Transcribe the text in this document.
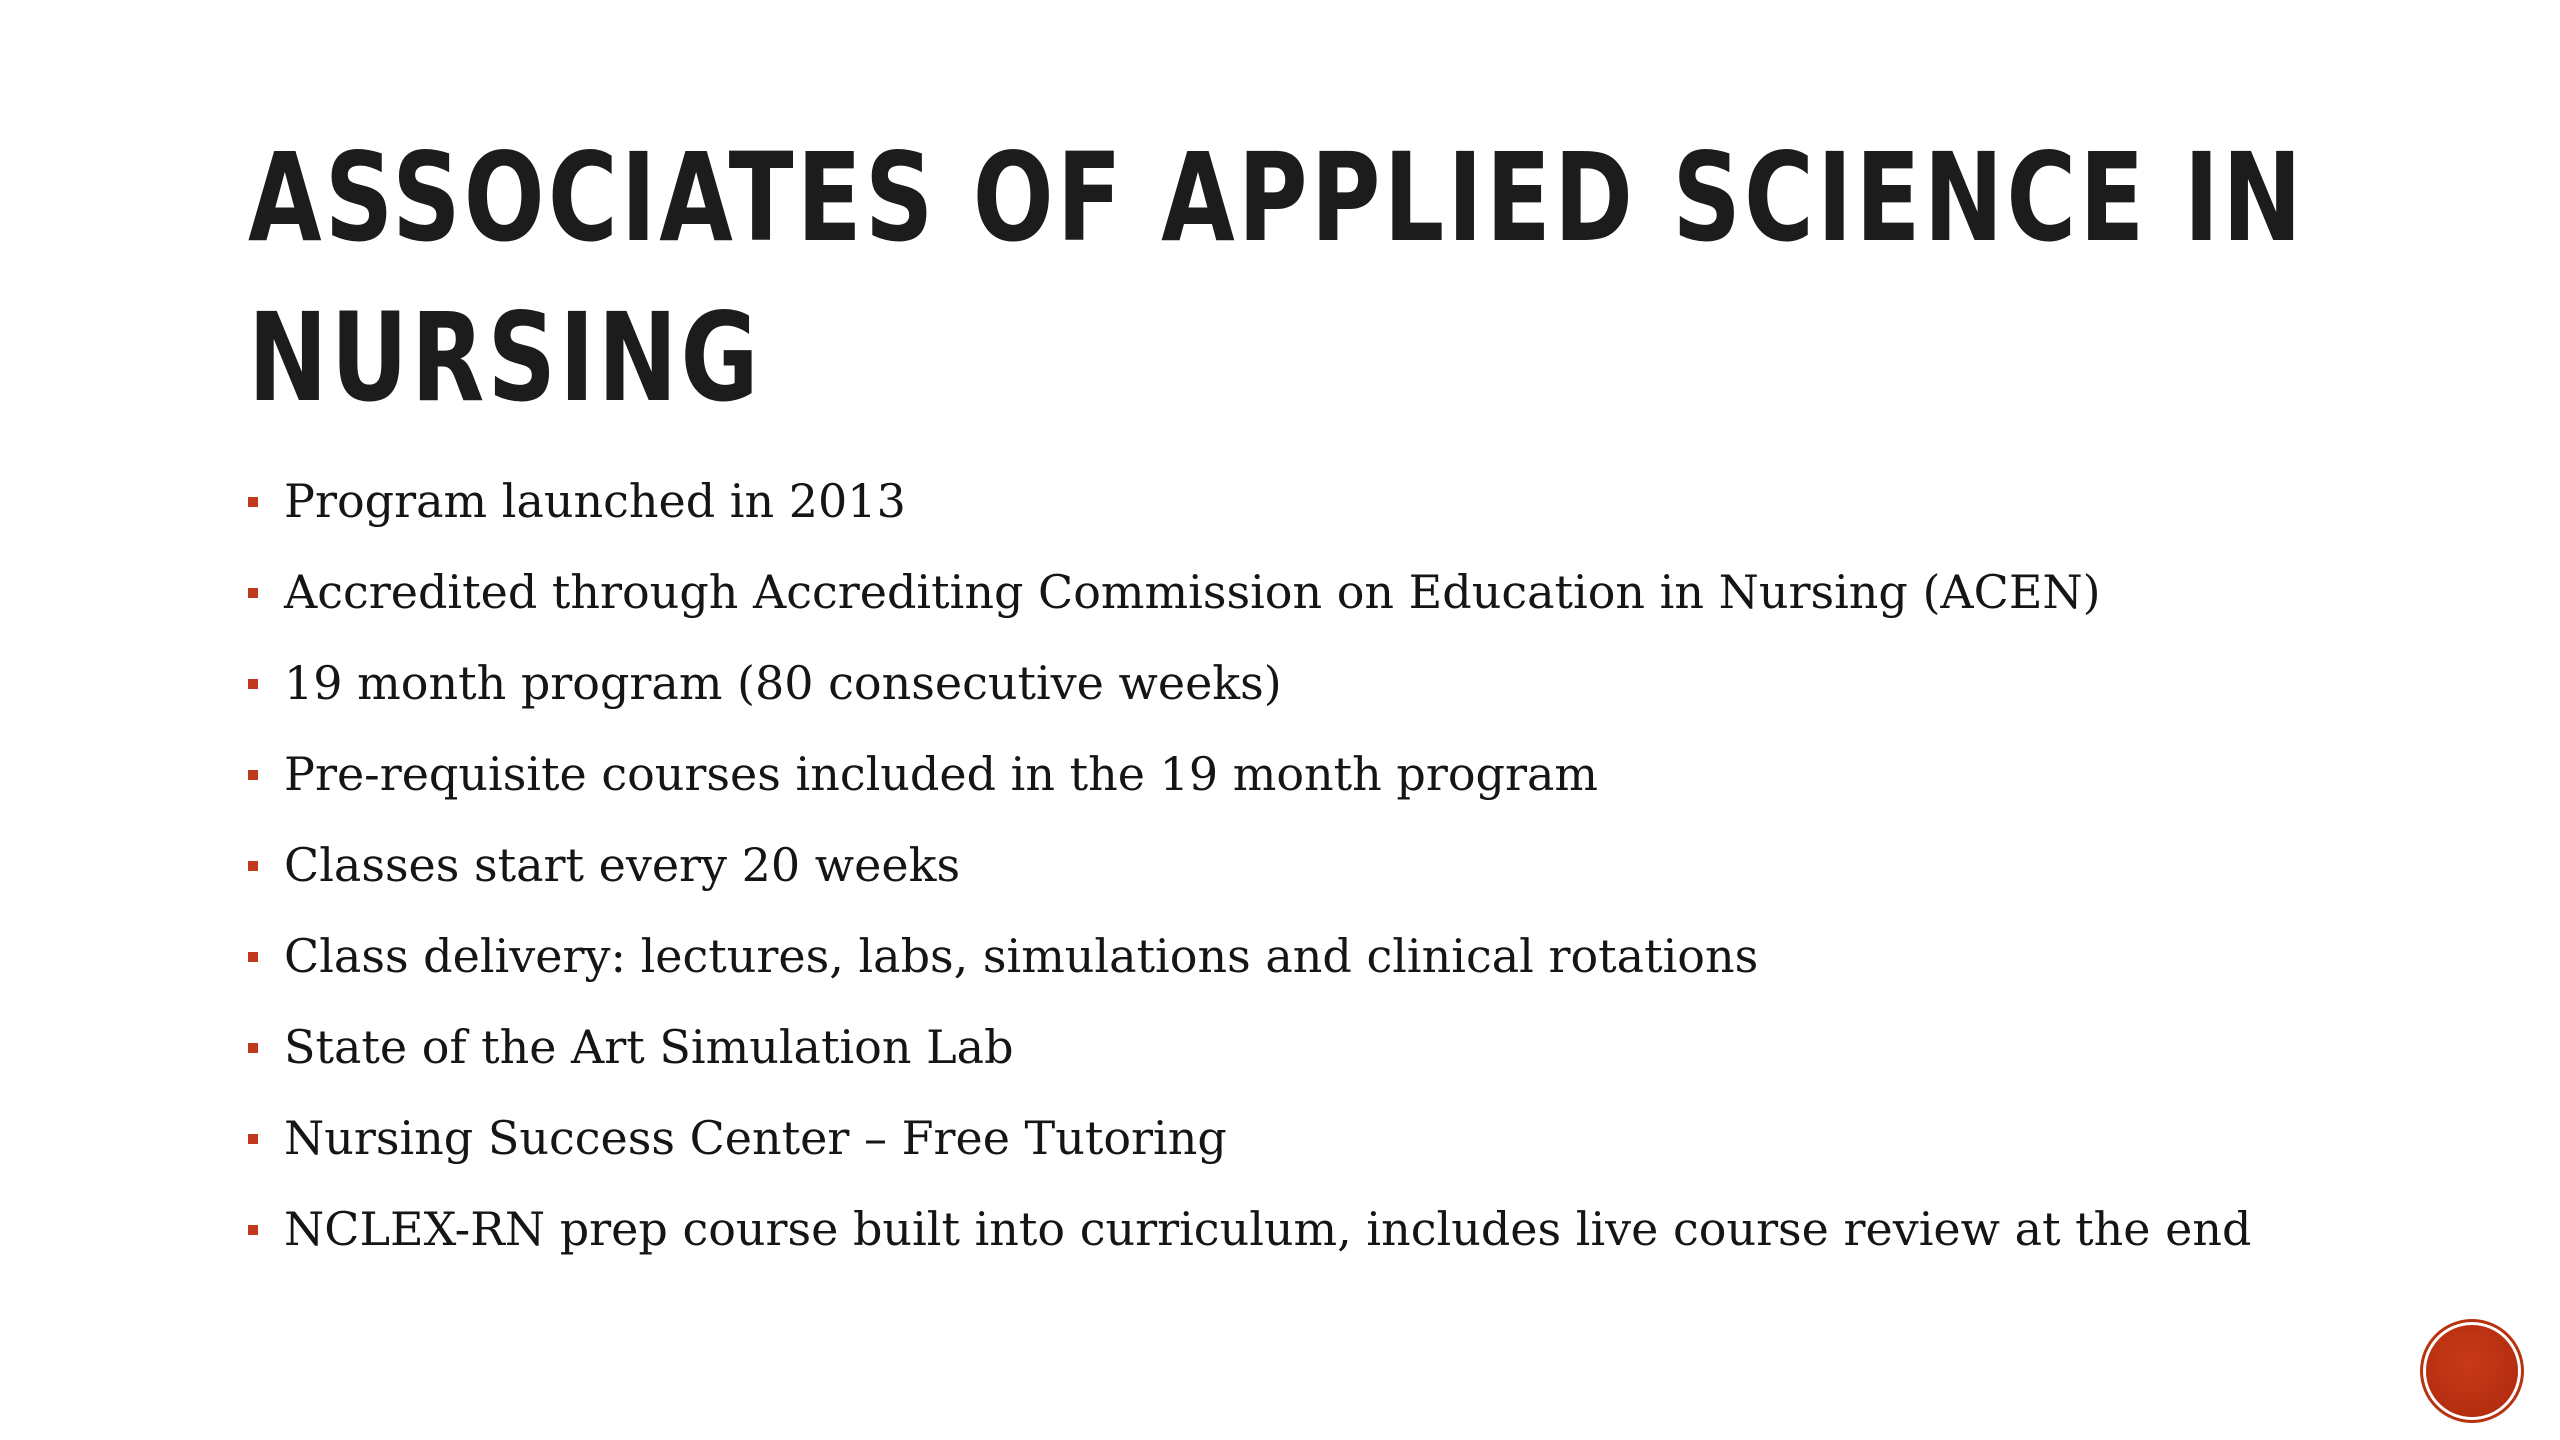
ASSOCIATES OF APPLIED SCIENCE IN
NURSING
Program launched in 2013
Accredited through Accrediting Commission on Education in Nursing (ACEN)
19 month program (80 consecutive weeks)
Pre-requisite courses included in the 19 month program
Classes start every 20 weeks
Class delivery: lectures, labs, simulations and clinical rotations
State of the Art Simulation Lab
Nursing Success Center – Free Tutoring
NCLEX-RN prep course built into curriculum, includes live course review at the end
